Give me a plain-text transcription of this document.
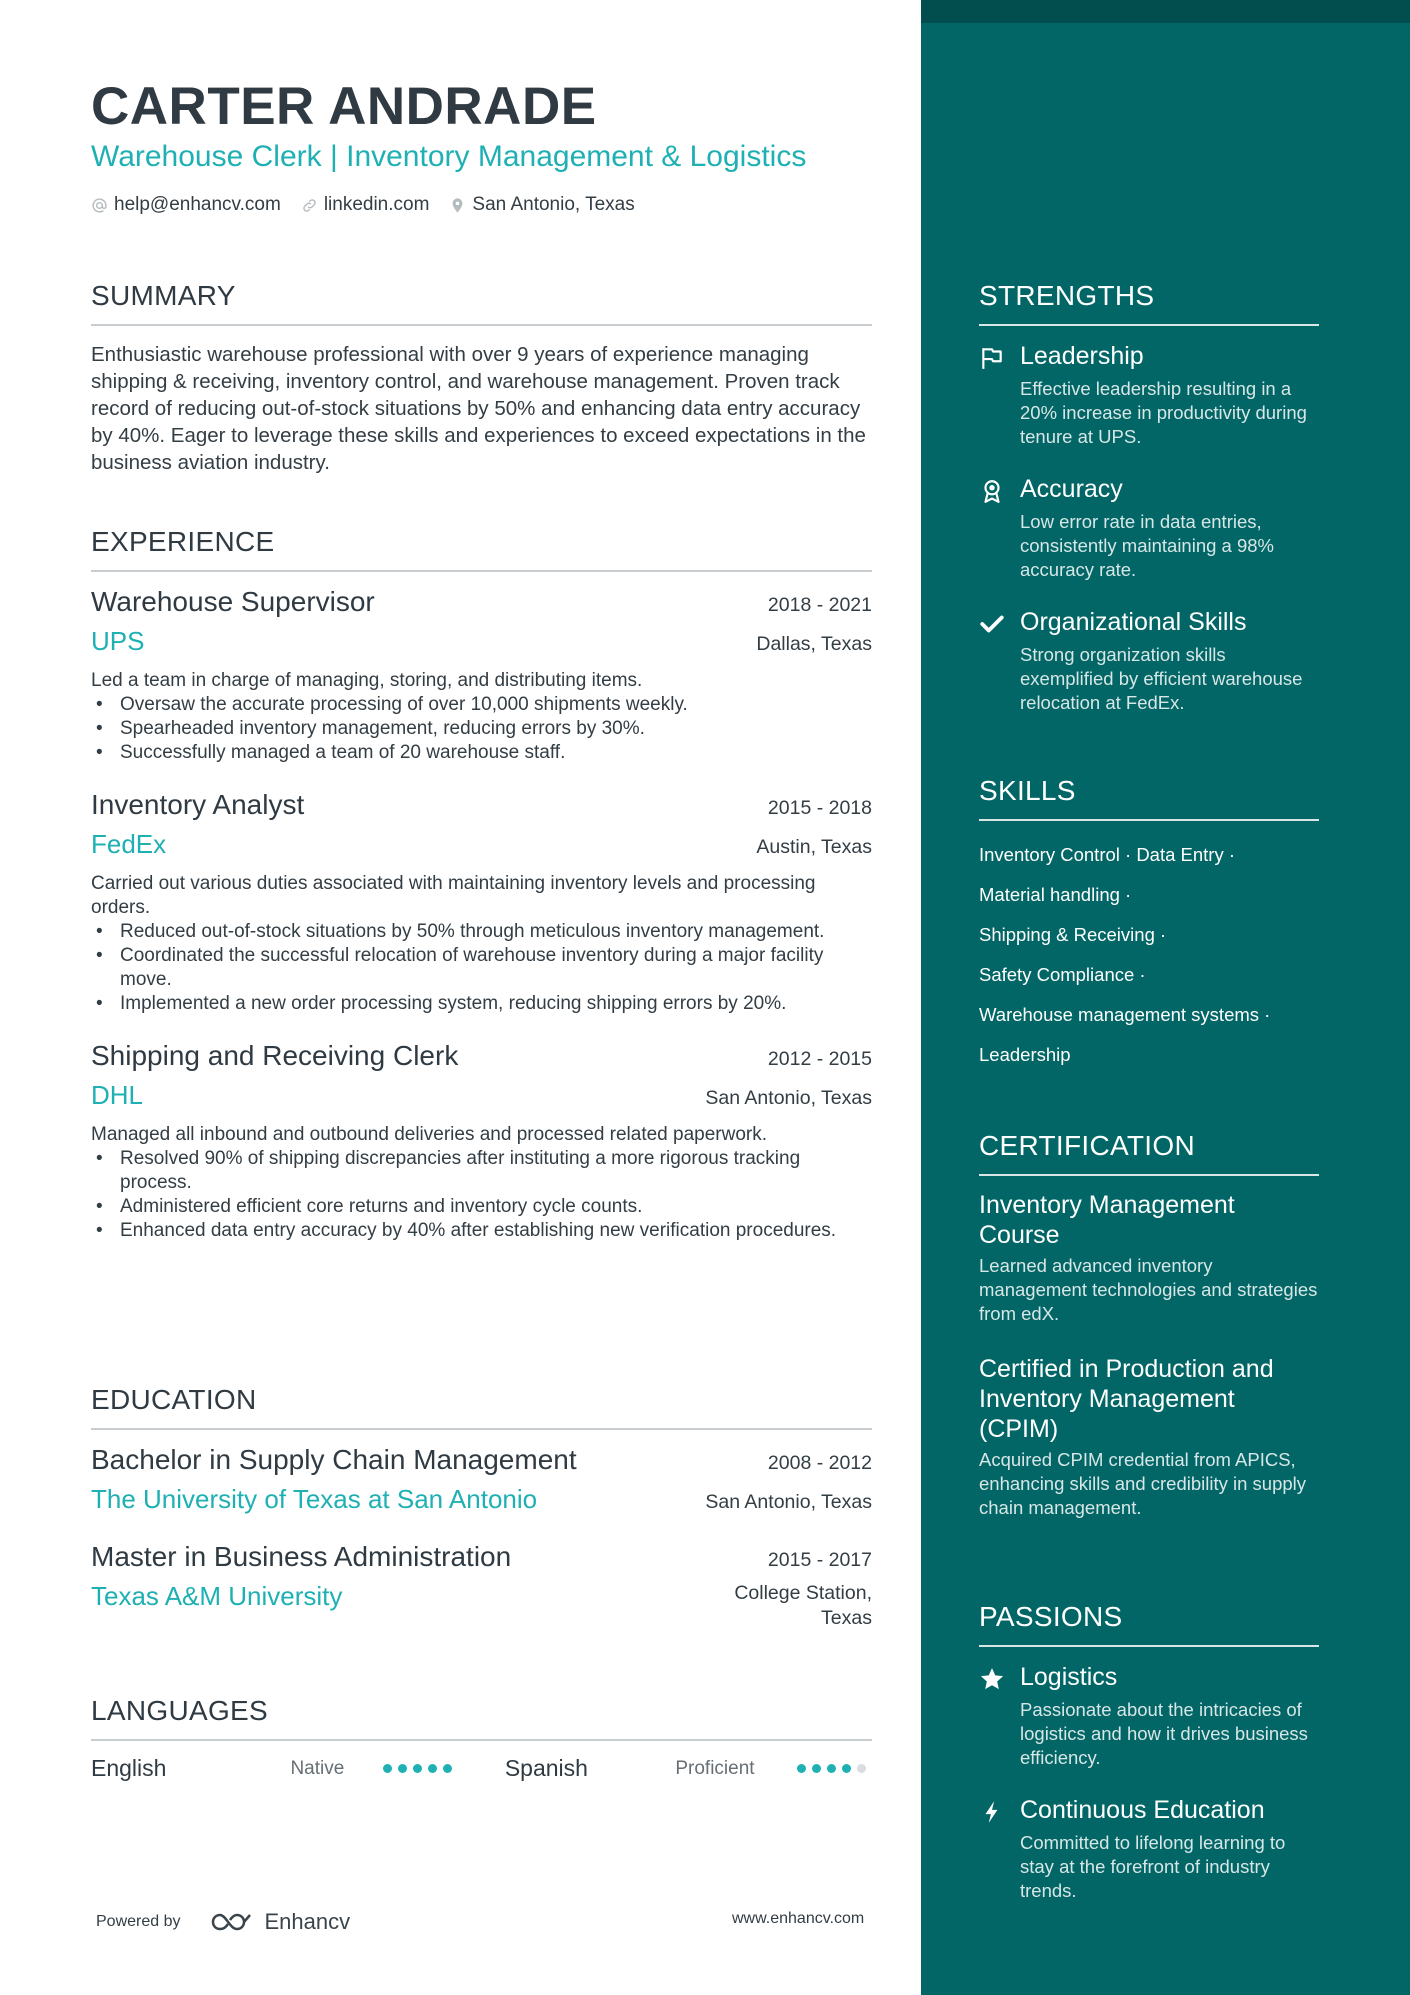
CARTER ANDRADE
Warehouse Clerk | Inventory Management & Logistics
help@enhancv.com linkedin.com San Antonio, Texas
SUMMARY
Enthusiastic warehouse professional with over 9 years of experience managing shipping & receiving, inventory control, and warehouse management. Proven track record of reducing out-of-stock situations by 50% and enhancing data entry accuracy by 40%. Eager to leverage these skills and experiences to exceed expectations in the business aviation industry.
EXPERIENCE
Warehouse Supervisor	2018 - 2021
UPS	Dallas, Texas
Led a team in charge of managing, storing, and distributing items.
• Oversaw the accurate processing of over 10,000 shipments weekly.
• Spearheaded inventory management, reducing errors by 30%.
• Successfully managed a team of 20 warehouse staff.
Inventory Analyst	2015 - 2018
FedEx	Austin, Texas
Carried out various duties associated with maintaining inventory levels and processing orders.
• Reduced out-of-stock situations by 50% through meticulous inventory management.
• Coordinated the successful relocation of warehouse inventory during a major facility move.
• Implemented a new order processing system, reducing shipping errors by 20%.
Shipping and Receiving Clerk	2012 - 2015
DHL	San Antonio, Texas
Managed all inbound and outbound deliveries and processed related paperwork.
• Resolved 90% of shipping discrepancies after instituting a more rigorous tracking process.
• Administered efficient core returns and inventory cycle counts.
• Enhanced data entry accuracy by 40% after establishing new verification procedures.
EDUCATION
Bachelor in Supply Chain Management	2008 - 2012
The University of Texas at San Antonio	San Antonio, Texas
Master in Business Administration	2015 - 2017
Texas A&M University	College Station, Texas
LANGUAGES
English	Native	Spanish	Proficient
Powered by	Enhancv	www.enhancv.com
STRENGTHS
Leadership
Effective leadership resulting in a 20% increase in productivity during tenure at UPS.
Accuracy
Low error rate in data entries, consistently maintaining a 98% accuracy rate.
Organizational Skills
Strong organization skills exemplified by efficient warehouse relocation at FedEx.
SKILLS
Inventory Control · Data Entry ·
Material handling ·
Shipping & Receiving ·
Safety Compliance ·
Warehouse management systems ·
Leadership
CERTIFICATION
Inventory Management Course
Learned advanced inventory management technologies and strategies from edX.
Certified in Production and Inventory Management (CPIM)
Acquired CPIM credential from APICS, enhancing skills and credibility in supply chain management.
PASSIONS
Logistics
Passionate about the intricacies of logistics and how it drives business efficiency.
Continuous Education
Committed to lifelong learning to stay at the forefront of industry trends.
